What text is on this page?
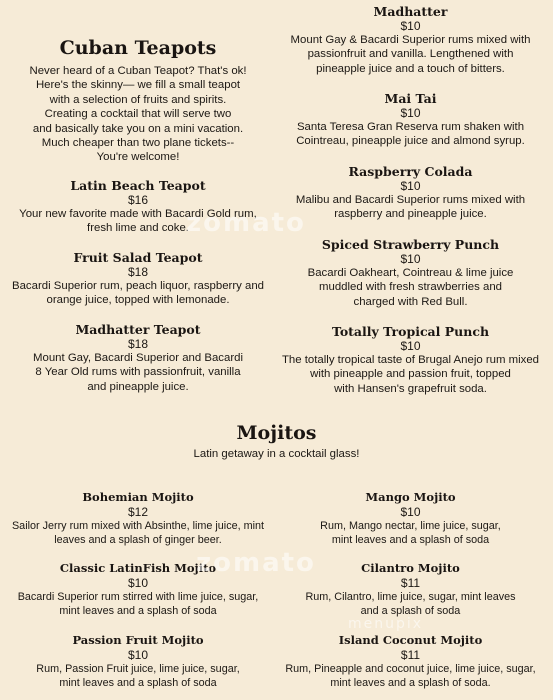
Cuban Teapots
Never heard of a Cuban Teapot? That's ok!
Here's the skinny— we fill a small teapot
with a selection of fruits and spirits.
Creating a cocktail that will serve two
and basically take you on a mini vacation.
Much cheaper than two plane tickets--
You're welcome!
Latin Beach Teapot
$16
Your new favorite made with Bacardi Gold rum,
fresh lime and coke.
Fruit Salad Teapot
$18
Bacardi Superior rum, peach liquor, raspberry and
orange juice, topped with lemonade.
Madhatter Teapot
$18
Mount Gay, Bacardi Superior and Bacardi
8 Year Old rums with passionfruit, vanilla
and pineapple juice.
Madhatter
$10
Mount Gay & Bacardi Superior rums mixed with
passionfruit and vanilla. Lengthened with
pineapple juice and a touch of bitters.
Mai Tai
$10
Santa Teresa Gran Reserva rum shaken with
Cointreau, pineapple juice and almond syrup.
Raspberry Colada
$10
Malibu and Bacardi Superior rums mixed with
raspberry and pineapple juice.
Spiced Strawberry Punch
$10
Bacardi Oakheart, Cointreau & lime juice
muddled with fresh strawberries and
charged with Red Bull.
Totally Tropical Punch
$10
The totally tropical taste of Brugal Anejo rum mixed
with pineapple and passion fruit, topped
with Hansen's grapefruit soda.
Mojitos
Latin getaway in a cocktail glass!
Bohemian Mojito
$12
Sailor Jerry rum mixed with Absinthe, lime juice, mint
leaves and a splash of ginger beer.
Classic LatinFish Mojito
$10
Bacardi Superior rum stirred with lime juice, sugar,
mint leaves and a splash of soda
Passion Fruit Mojito
$10
Rum, Passion Fruit juice, lime juice, sugar,
mint leaves and a splash of soda
Mango Mojito
$10
Rum, Mango nectar, lime juice, sugar,
mint leaves and a splash of soda
Cilantro Mojito
$11
Rum, Cilantro, lime juice, sugar, mint leaves
and a splash of soda
Island Coconut Mojito
$11
Rum, Pineapple and coconut juice, lime juice, sugar,
mint leaves and a splash of soda.
zomato
zomato
menupix
